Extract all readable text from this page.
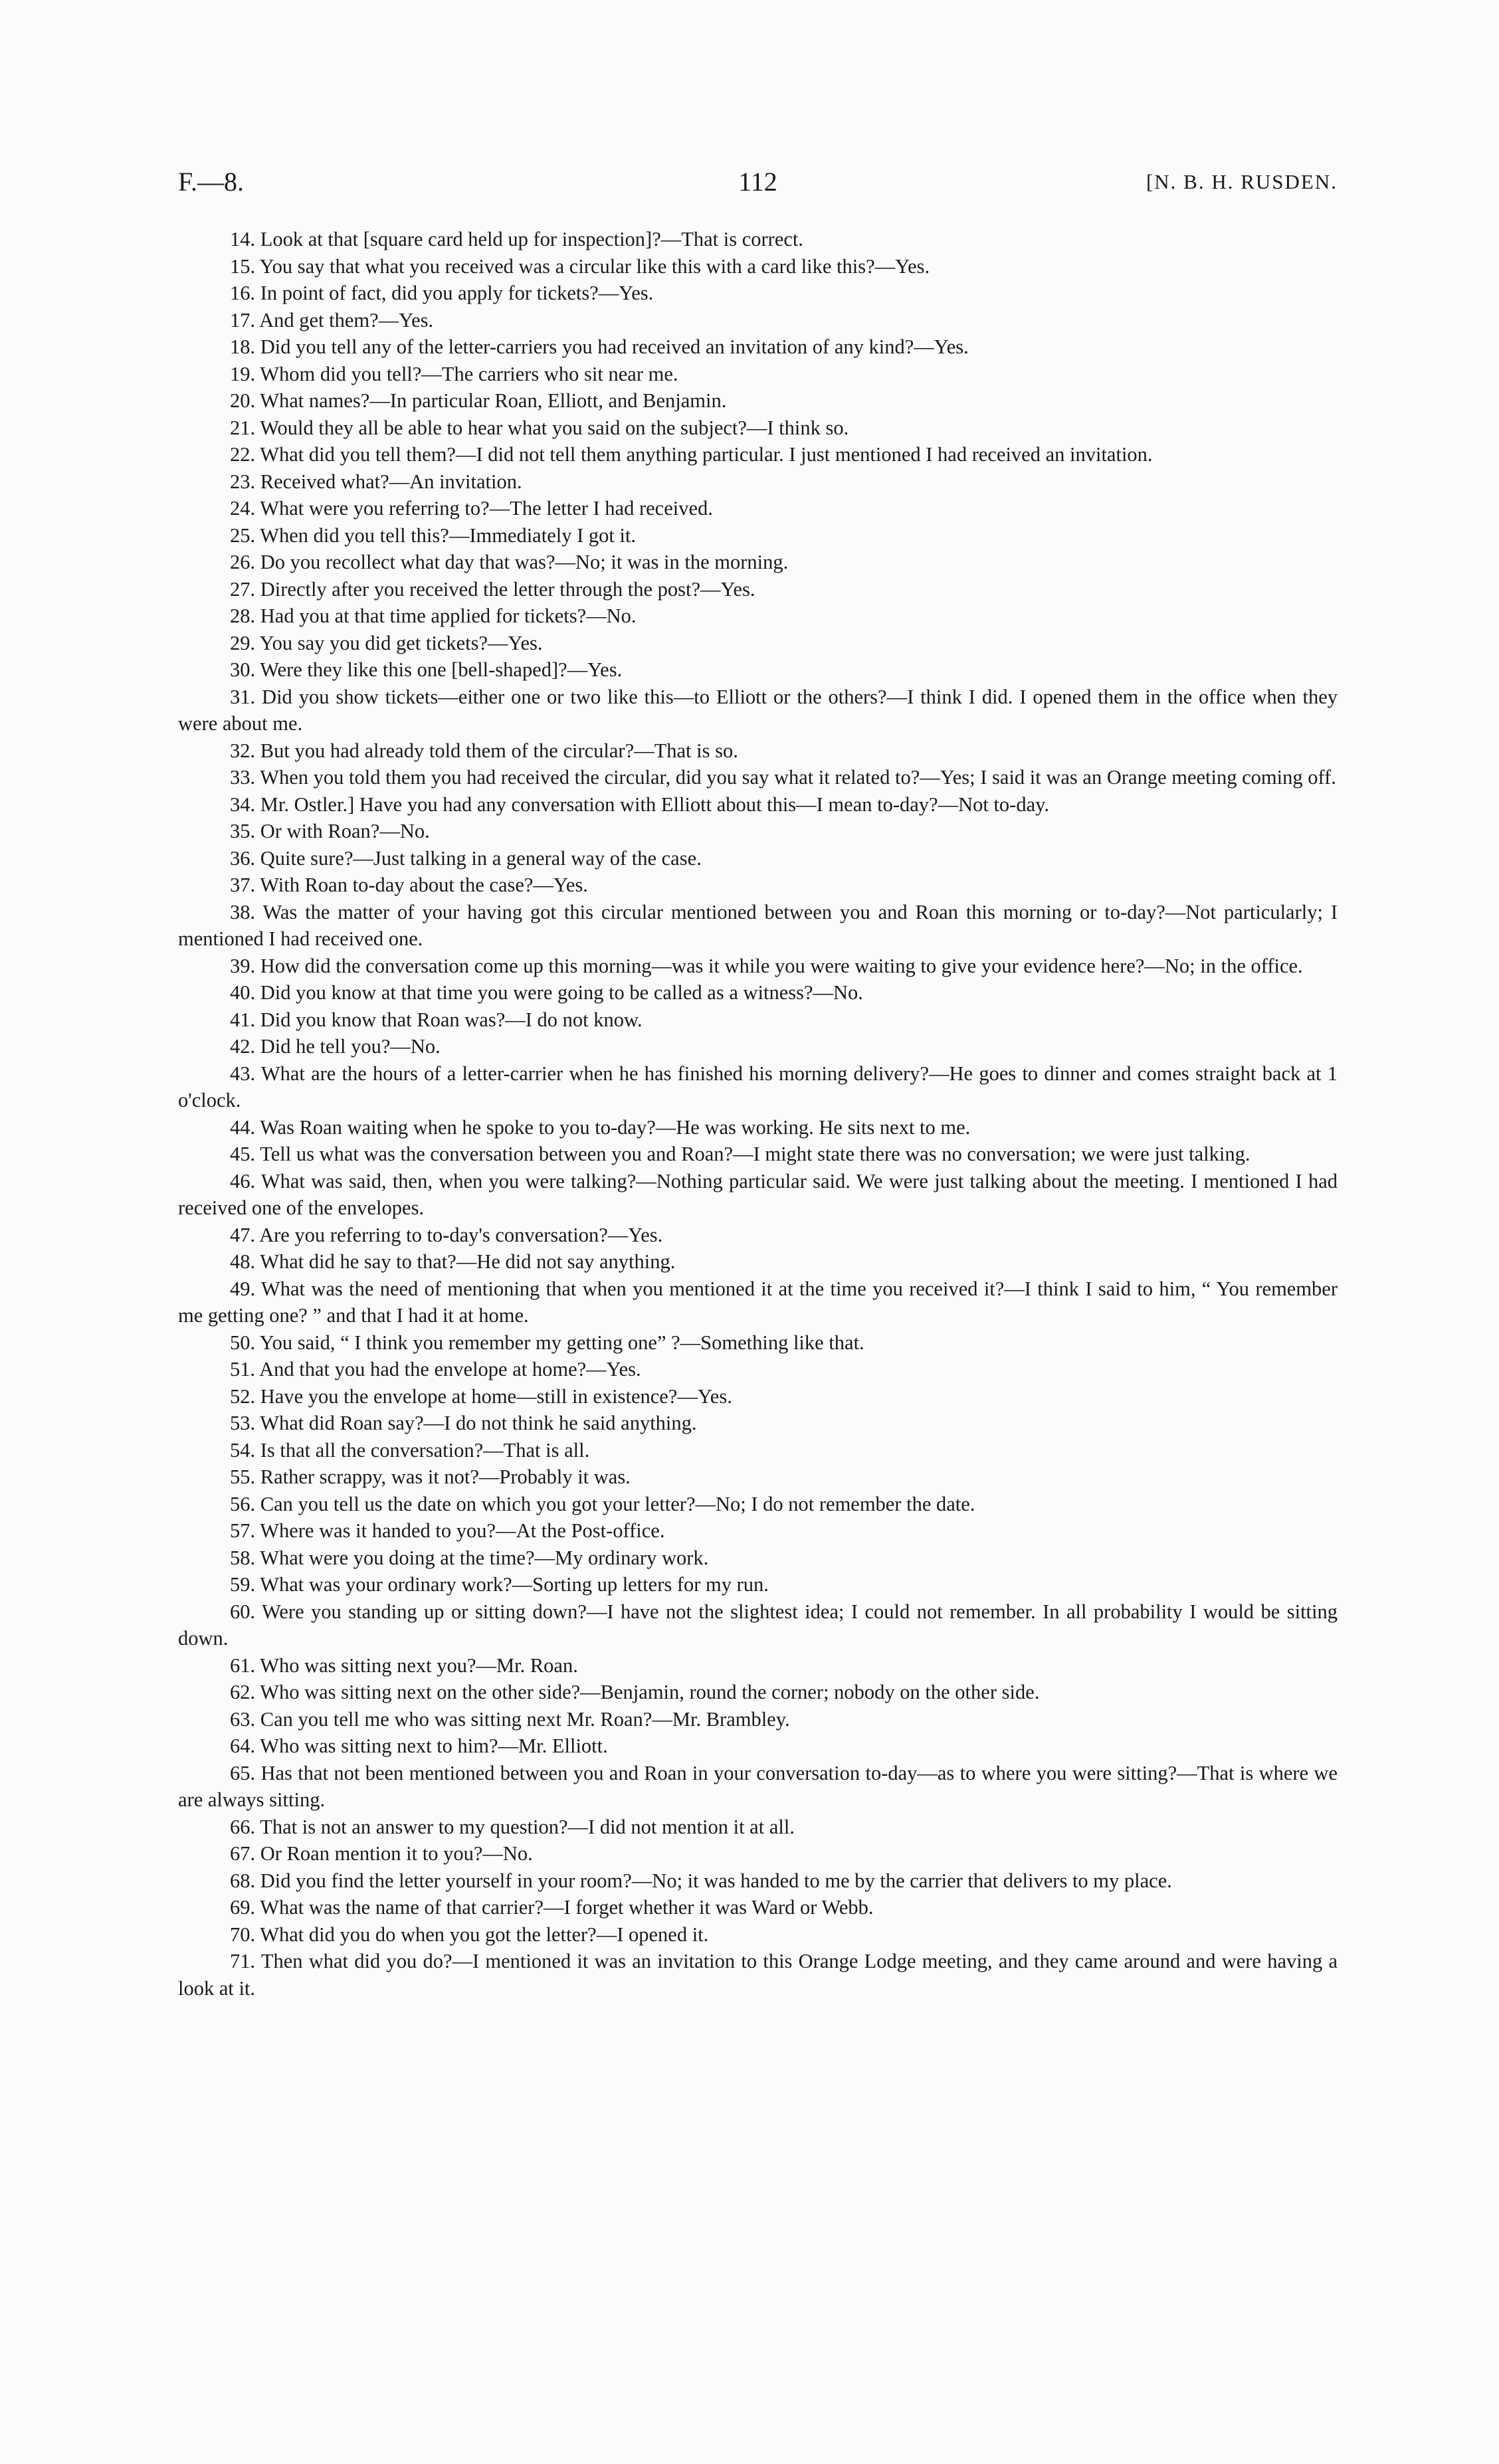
F.—8.	112	[N. B. H. RUSDEN.

14. Look at that [square card held up for inspection]?—That is correct.

15. You say that what you received was a circular like this with a card like this?—Yes.

16. In point of fact, did you apply for tickets?—Yes.

17. And get them?—Yes.

18. Did you tell any of the letter-carriers you had received an invitation of any kind?—Yes.

19. Whom did you tell?—The carriers who sit near me.

20. What names?—In particular Roan, Elliott, and Benjamin.

21. Would they all be able to hear what you said on the subject?—I think so.

22. What did you tell them?—I did not tell them anything particular. I just mentioned I had received an invitation.

23. Received what?—An invitation.

24. What were you referring to?—The letter I had received.

25. When did you tell this?—Immediately I got it.

26. Do you recollect what day that was?—No; it was in the morning.

27. Directly after you received the letter through the post?—Yes.

28. Had you at that time applied for tickets?—No.

29. You say you did get tickets?—Yes.

30. Were they like this one [bell-shaped]?—Yes.

31. Did you show tickets—either one or two like this—to Elliott or the others?—I think I did. I opened them in the office when they were about me.

32. But you had already told them of the circular?—That is so.

33. When you told them you had received the circular, did you say what it related to?—Yes; I said it was an Orange meeting coming off.

34. Mr. Ostler.] Have you had any conversation with Elliott about this—I mean to-day?—Not to-day.

35. Or with Roan?—No.

36. Quite sure?—Just talking in a general way of the case.

37. With Roan to-day about the case?—Yes.

38. Was the matter of your having got this circular mentioned between you and Roan this morning or to-day?—Not particularly; I mentioned I had received one.

39. How did the conversation come up this morning—was it while you were waiting to give your evidence here?—No; in the office.

40. Did you know at that time you were going to be called as a witness?—No.

41. Did you know that Roan was?—I do not know.

42. Did he tell you?—No.

43. What are the hours of a letter-carrier when he has finished his morning delivery?—He goes to dinner and comes straight back at 1 o'clock.

44. Was Roan waiting when he spoke to you to-day?—He was working. He sits next to me.

45. Tell us what was the conversation between you and Roan?—I might state there was no conversation; we were just talking.

46. What was said, then, when you were talking?—Nothing particular said. We were just talking about the meeting. I mentioned I had received one of the envelopes.

47. Are you referring to to-day's conversation?—Yes.

48. What did he say to that?—He did not say anything.

49. What was the need of mentioning that when you mentioned it at the time you received it?—I think I said to him, “ You remember me getting one? ” and that I had it at home.

50. You said, “ I think you remember my getting one” ?—Something like that.

51. And that you had the envelope at home?—Yes.

52. Have you the envelope at home—still in existence?—Yes.

53. What did Roan say?—I do not think he said anything.

54. Is that all the conversation?—That is all.

55. Rather scrappy, was it not?—Probably it was.

56. Can you tell us the date on which you got your letter?—No; I do not remember the date.

57. Where was it handed to you?—At the Post-office.

58. What were you doing at the time?—My ordinary work.

59. What was your ordinary work?—Sorting up letters for my run.

60. Were you standing up or sitting down?—I have not the slightest idea; I could not remember. In all probability I would be sitting down.

61. Who was sitting next you?—Mr. Roan.

62. Who was sitting next on the other side?—Benjamin, round the corner; nobody on the other side.

63. Can you tell me who was sitting next Mr. Roan?—Mr. Brambley.

64. Who was sitting next to him?—Mr. Elliott.

65. Has that not been mentioned between you and Roan in your conversation to-day—as to where you were sitting?—That is where we are always sitting.

66. That is not an answer to my question?—I did not mention it at all.

67. Or Roan mention it to you?—No.

68. Did you find the letter yourself in your room?—No; it was handed to me by the carrier that delivers to my place.

69. What was the name of that carrier?—I forget whether it was Ward or Webb.

70. What did you do when you got the letter?—I opened it.

71. Then what did you do?—I mentioned it was an invitation to this Orange Lodge meeting, and they came around and were having a look at it.
